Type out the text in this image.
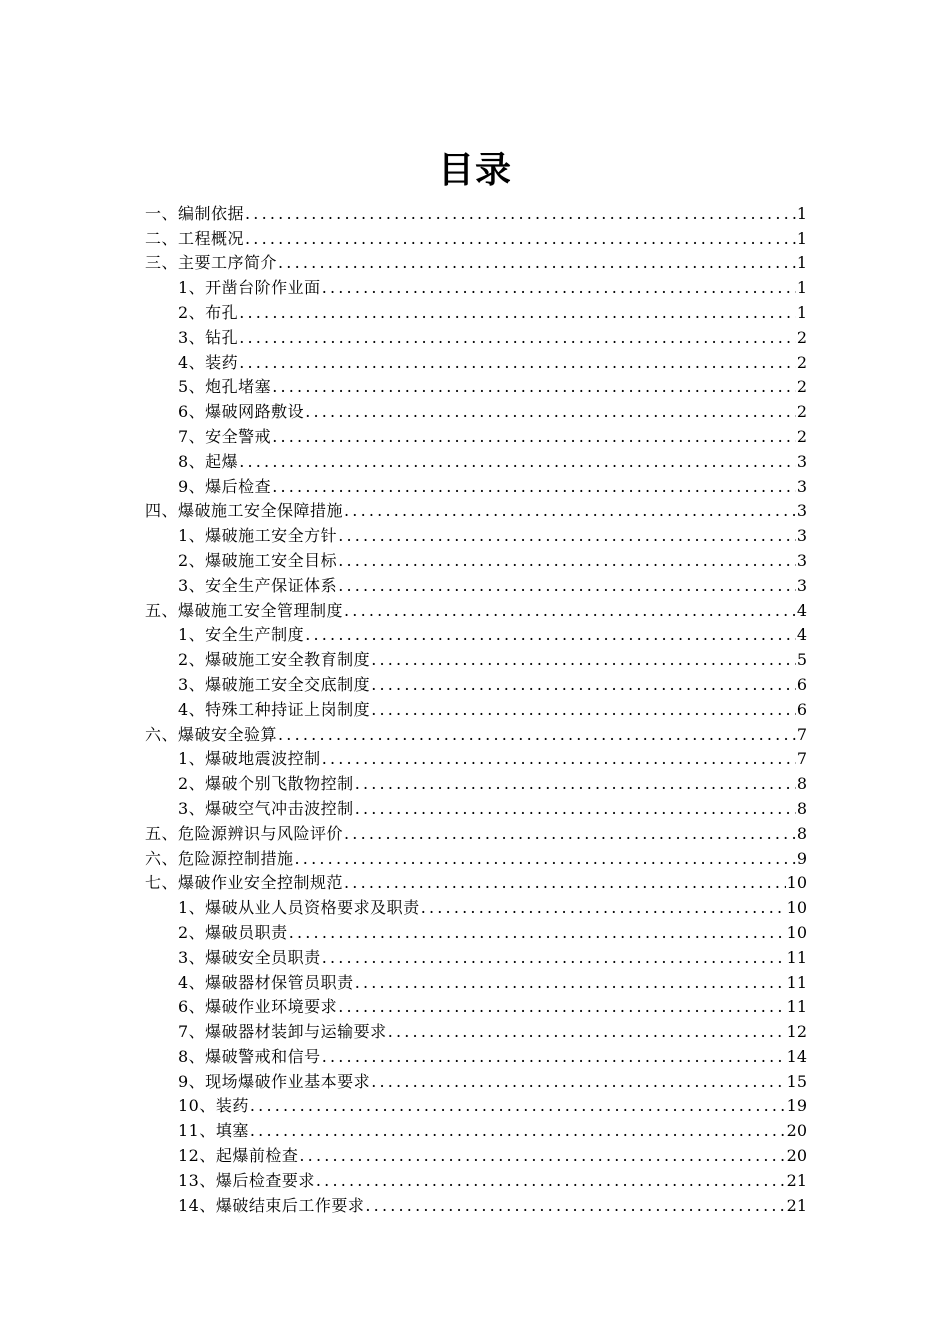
目录
一、编制依据 .....	1
二、工程概况 .....	1
三、主要工序简介 .....	1
1、开凿台阶作业面 .....	1
2、布孔 .....	1
3、钻孔 .....	2
4、装药 .....	2
5、炮孔堵塞 .....	2
6、爆破网路敷设 .....	2
7、安全警戒 .....	2
8、起爆 .....	3
9、爆后检查 .....	3
四、爆破施工安全保障措施 .....	3
1、爆破施工安全方针 .....	3
2、爆破施工安全目标 .....	3
3、安全生产保证体系 .....	3
五、爆破施工安全管理制度 .....	4
1、安全生产制度 .....	4
2、爆破施工安全教育制度 .....	5
3、爆破施工安全交底制度 .....	6
4、特殊工种持证上岗制度 .....	6
六、爆破安全验算 .....	7
1、爆破地震波控制 .....	7
2、爆破个别飞散物控制 .....	8
3、爆破空气冲击波控制 .....	8
五、危险源辨识与风险评价 .....	8
六、危险源控制措施 .....	9
七、爆破作业安全控制规范 .....	10
1、爆破从业人员资格要求及职责 .....	10
2、爆破员职责 .....	10
3、爆破安全员职责 .....	11
4、爆破器材保管员职责 .....	11
6、爆破作业环境要求 .....	11
7、爆破器材装卸与运输要求 .....	12
8、爆破警戒和信号 .....	14
9、现场爆破作业基本要求 .....	15
10、装药 .....	19
11、填塞 .....	20
12、起爆前检查 .....	20
13、爆后检查要求 .....	21
14、爆破结束后工作要求 .....	21
